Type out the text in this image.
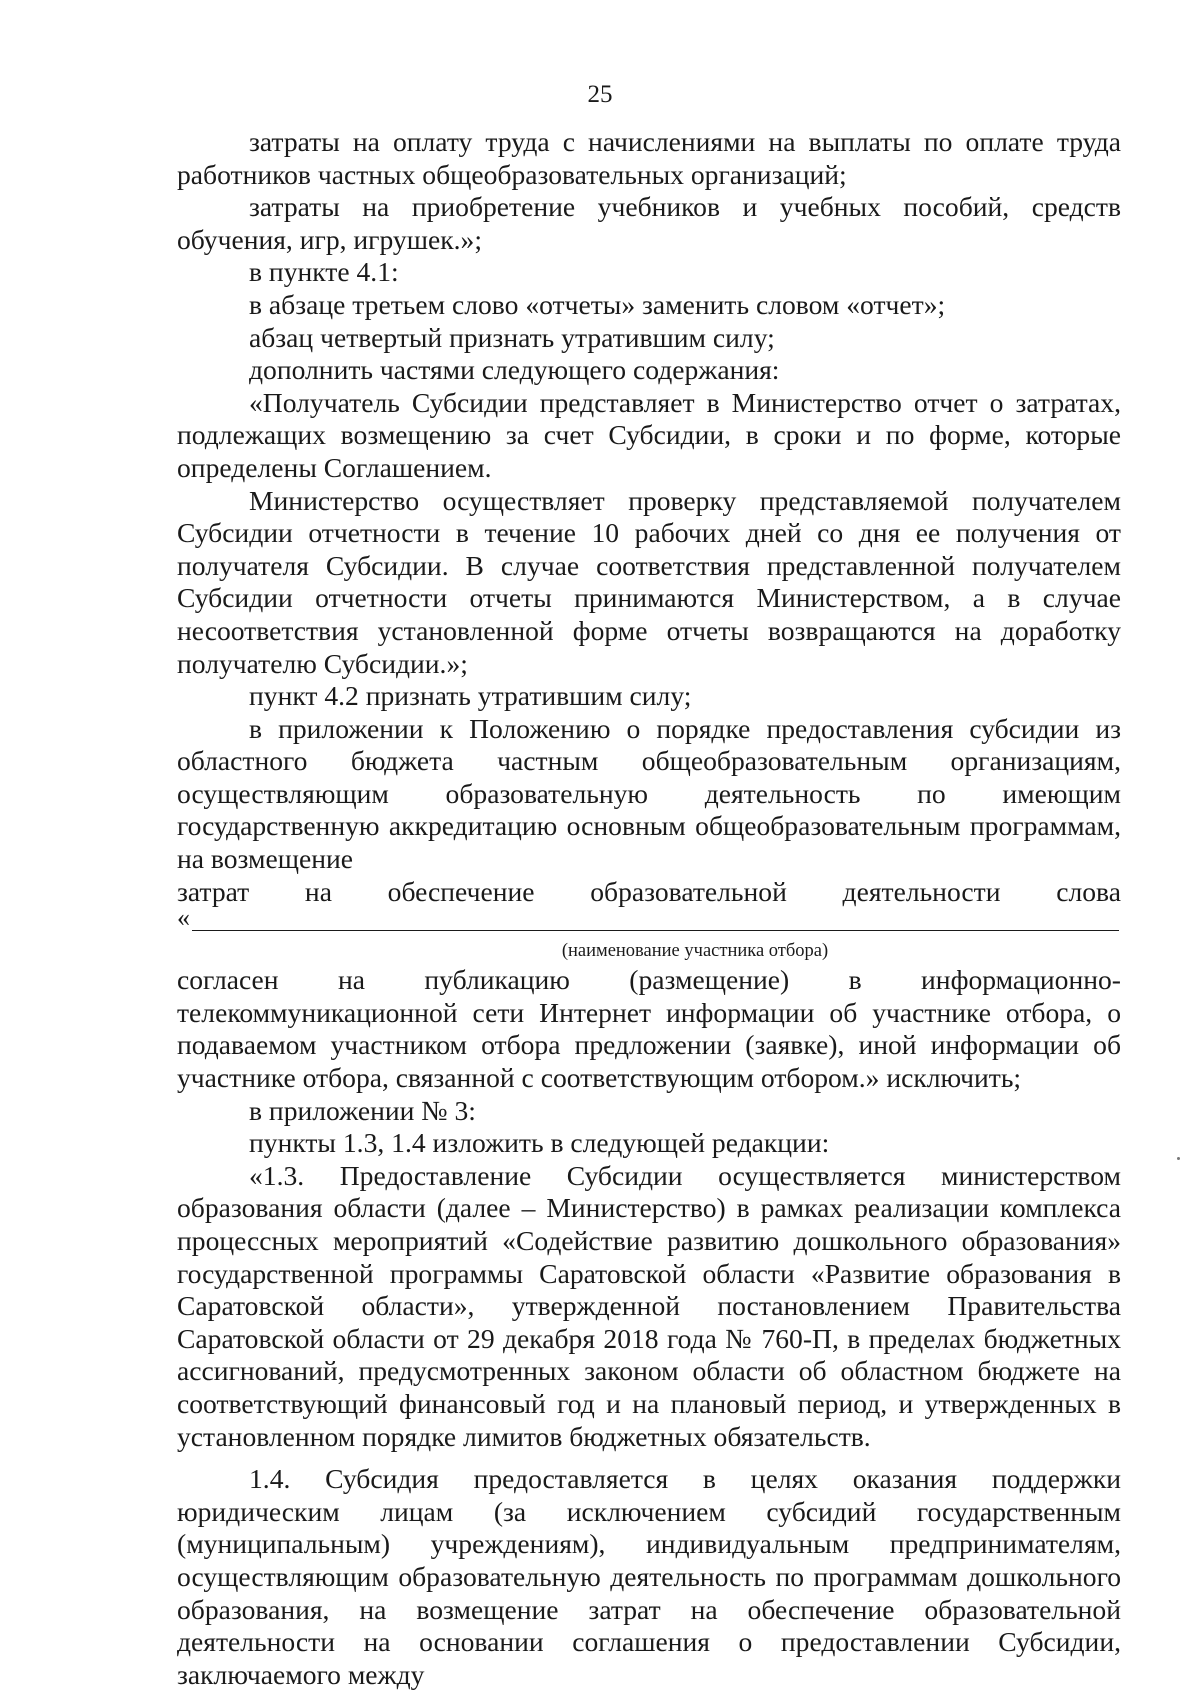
25

затраты на оплату труда с начислениями на выплаты по оплате труда работников частных общеобразовательных организаций;

затраты на приобретение учебников и учебных пособий, средств обучения, игр, игрушек.»;

в пункте 4.1:

в абзаце третьем слово «отчеты» заменить словом «отчет»;

абзац четвертый признать утратившим силу;

дополнить частями следующего содержания:

«Получатель Субсидии представляет в Министерство отчет о затратах, подлежащих возмещению за счет Субсидии, в сроки и по форме, которые определены Соглашением.

Министерство осуществляет проверку представляемой получателем Субсидии отчетности в течение 10 рабочих дней со дня ее получения от получателя Субсидии. В случае соответствия представленной получателем Субсидии отчетности отчеты принимаются Министерством, а в случае несоответствия установленной форме отчеты возвращаются на доработку получателю Субсидии.»;

пункт 4.2 признать утратившим силу;

в приложении к Положению о порядке предоставления субсидии из областного бюджета частным общеобразовательным организациям, осуществляющим образовательную деятельность по имеющим государственную аккредитацию основным общеобразовательным программам, на возмещение

затрат на обеспечение образовательной деятельности слова
«
(наименование участника отбора)

согласен на публикацию (размещение) в информационно-телекоммуникационной сети Интернет информации об участнике отбора, о подаваемом участником отбора предложении (заявке), иной информации об участнике отбора, связанной с соответствующим отбором.» исключить;

в приложении № 3:

пункты 1.3, 1.4 изложить в следующей редакции:

«1.3. Предоставление Субсидии осуществляется министерством образования области (далее – Министерство) в рамках реализации комплекса процессных мероприятий «Содействие развитию дошкольного образования» государственной программы Саратовской области «Развитие образования в Саратовской области», утвержденной постановлением Правительства Саратовской области от 29 декабря 2018 года № 760-П, в пределах бюджетных ассигнований, предусмотренных законом области об областном бюджете на соответствующий финансовый год и на плановый период, и утвержденных в установленном порядке лимитов бюджетных обязательств.

1.4. Субсидия предоставляется в целях оказания поддержки юридическим лицам (за исключением субсидий государственным (муниципальным) учреждениям), индивидуальным предпринимателям, осуществляющим образовательную деятельность по программам дошкольного образования, на возмещение затрат на обеспечение образовательной деятельности на основании соглашения о предоставлении Субсидии, заключаемого между
